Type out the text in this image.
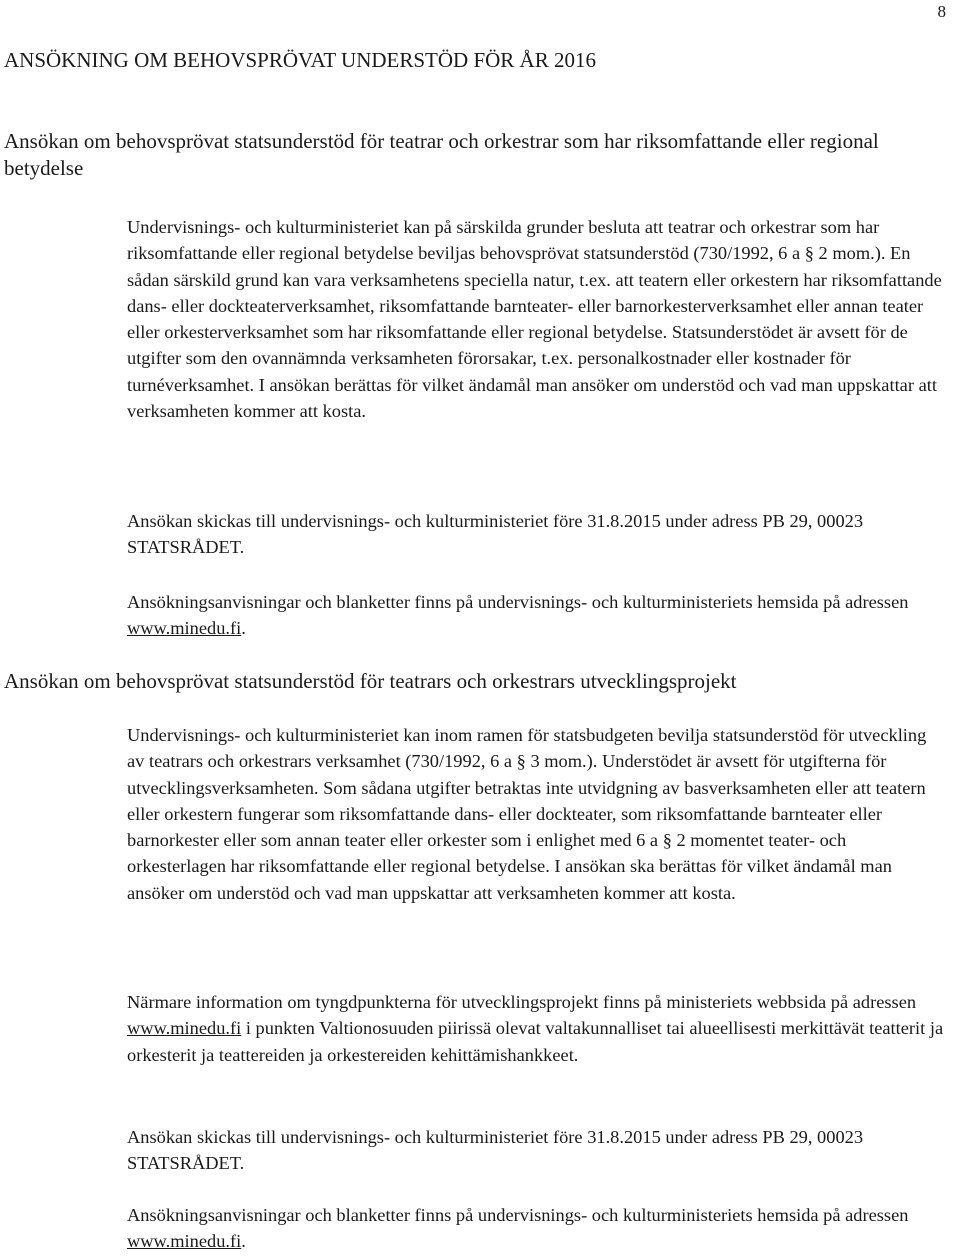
8
ANSÖKNING OM BEHOVSPRÖVAT UNDERSTÖD FÖR ÅR 2016
Ansökan om behovsprövat statsunderstöd för teatrar och orkestrar som har riksomfattande eller regional betydelse

Undervisnings- och kulturministeriet kan på särskilda grunder besluta att teatrar och orkestrar som har riksomfattande eller regional betydelse beviljas behovsprövat statsunderstöd (730/1992, 6 a § 2 mom.). En sådan särskild grund kan vara verksamhetens speciella natur, t.ex. att teatern eller orkestern har riksomfattande dans- eller dockteaterverksamhet, riksomfattande barnteater- eller barnorkesterverksamhet eller annan teater eller orkesterverksamhet som har riksomfattande eller regional betydelse. Statsunderstödet är avsett för de utgifter som den ovannämnda verksamheten förorsakar, t.ex. personalkostnader eller kostnader för turnéverksamhet. I ansökan berättas för vilket ändamål man ansöker om understöd och vad man uppskattar att verksamheten kommer att kosta.

Ansökan skickas till undervisnings- och kulturministeriet före 31.8.2015 under adress PB 29, 00023 STATSRÅDET.

Ansökningsanvisningar och blanketter finns på undervisnings- och kulturministeriets hemsida på adressen www.minedu.fi.

Ansökan om behovsprövat statsunderstöd för teatrars och orkestrars utvecklingsprojekt

Undervisnings- och kulturministeriet kan inom ramen för statsbudgeten bevilja statsunderstöd för utveckling av teatrars och orkestrars verksamhet (730/1992, 6 a § 3 mom.). Understödet är avsett för utgifterna för utvecklingsverksamheten. Som sådana utgifter betraktas inte utvidgning av basverksamheten eller att teatern eller orkestern fungerar som riksomfattande dans- eller dockteater, som riksomfattande barnteater eller barnorkester eller som annan teater eller orkester som i enlighet med 6 a § 2 momentet teater- och orkesterlagen har riksomfattande eller regional betydelse. I ansökan ska berättas för vilket ändamål man ansöker om understöd och vad man uppskattar att verksamheten kommer att kosta.

Närmare information om tyngdpunkterna för utvecklingsprojekt finns på ministeriets webbsida på adressen www.minedu.fi i punkten Valtionosuuden piirissä olevat valtakunnalliset tai alueellisesti merkittävät teatterit ja orkesterit ja teattereiden ja orkestereiden kehittämishankkeet.

Ansökan skickas till undervisnings- och kulturministeriet före 31.8.2015 under adress PB 29, 00023 STATSRÅDET.

Ansökningsanvisningar och blanketter finns på undervisnings- och kulturministeriets hemsida på adressen www.minedu.fi.
